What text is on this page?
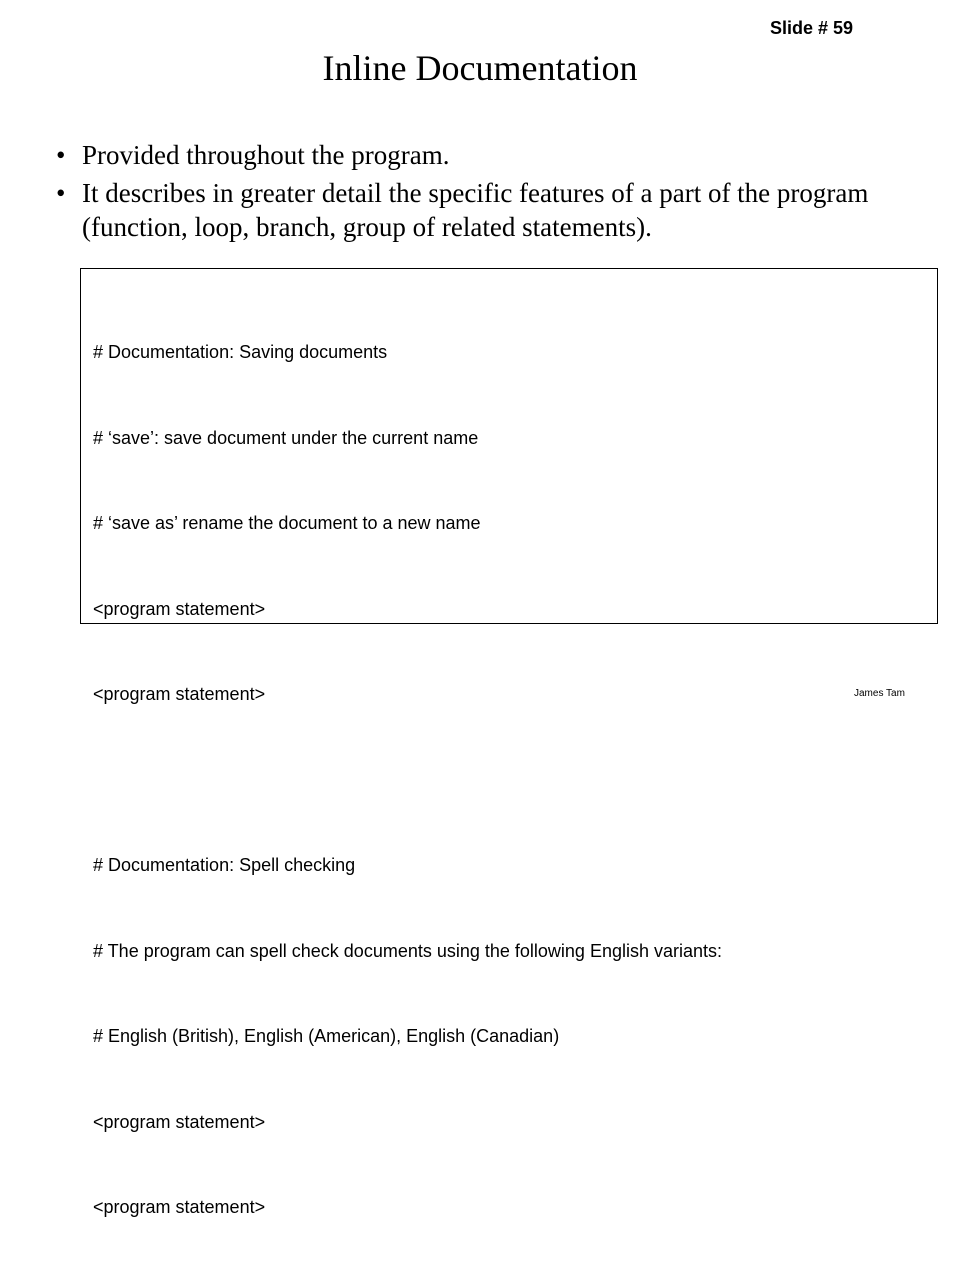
Slide # 59
Inline Documentation
• Provided throughout the program.
• It describes in greater detail the specific features of a part of the program (function, loop, branch, group of related statements).

# Documentation: Saving documents

# ‘save’: save document under the current name

# ‘save as’ rename the document to a new name

<program statement>

<program statement>

# Documentation: Spell checking

# The program can spell check documents using the following English variants:

# English (British), English (American), English (Canadian)

<program statement>

<program statement>

James Tam
